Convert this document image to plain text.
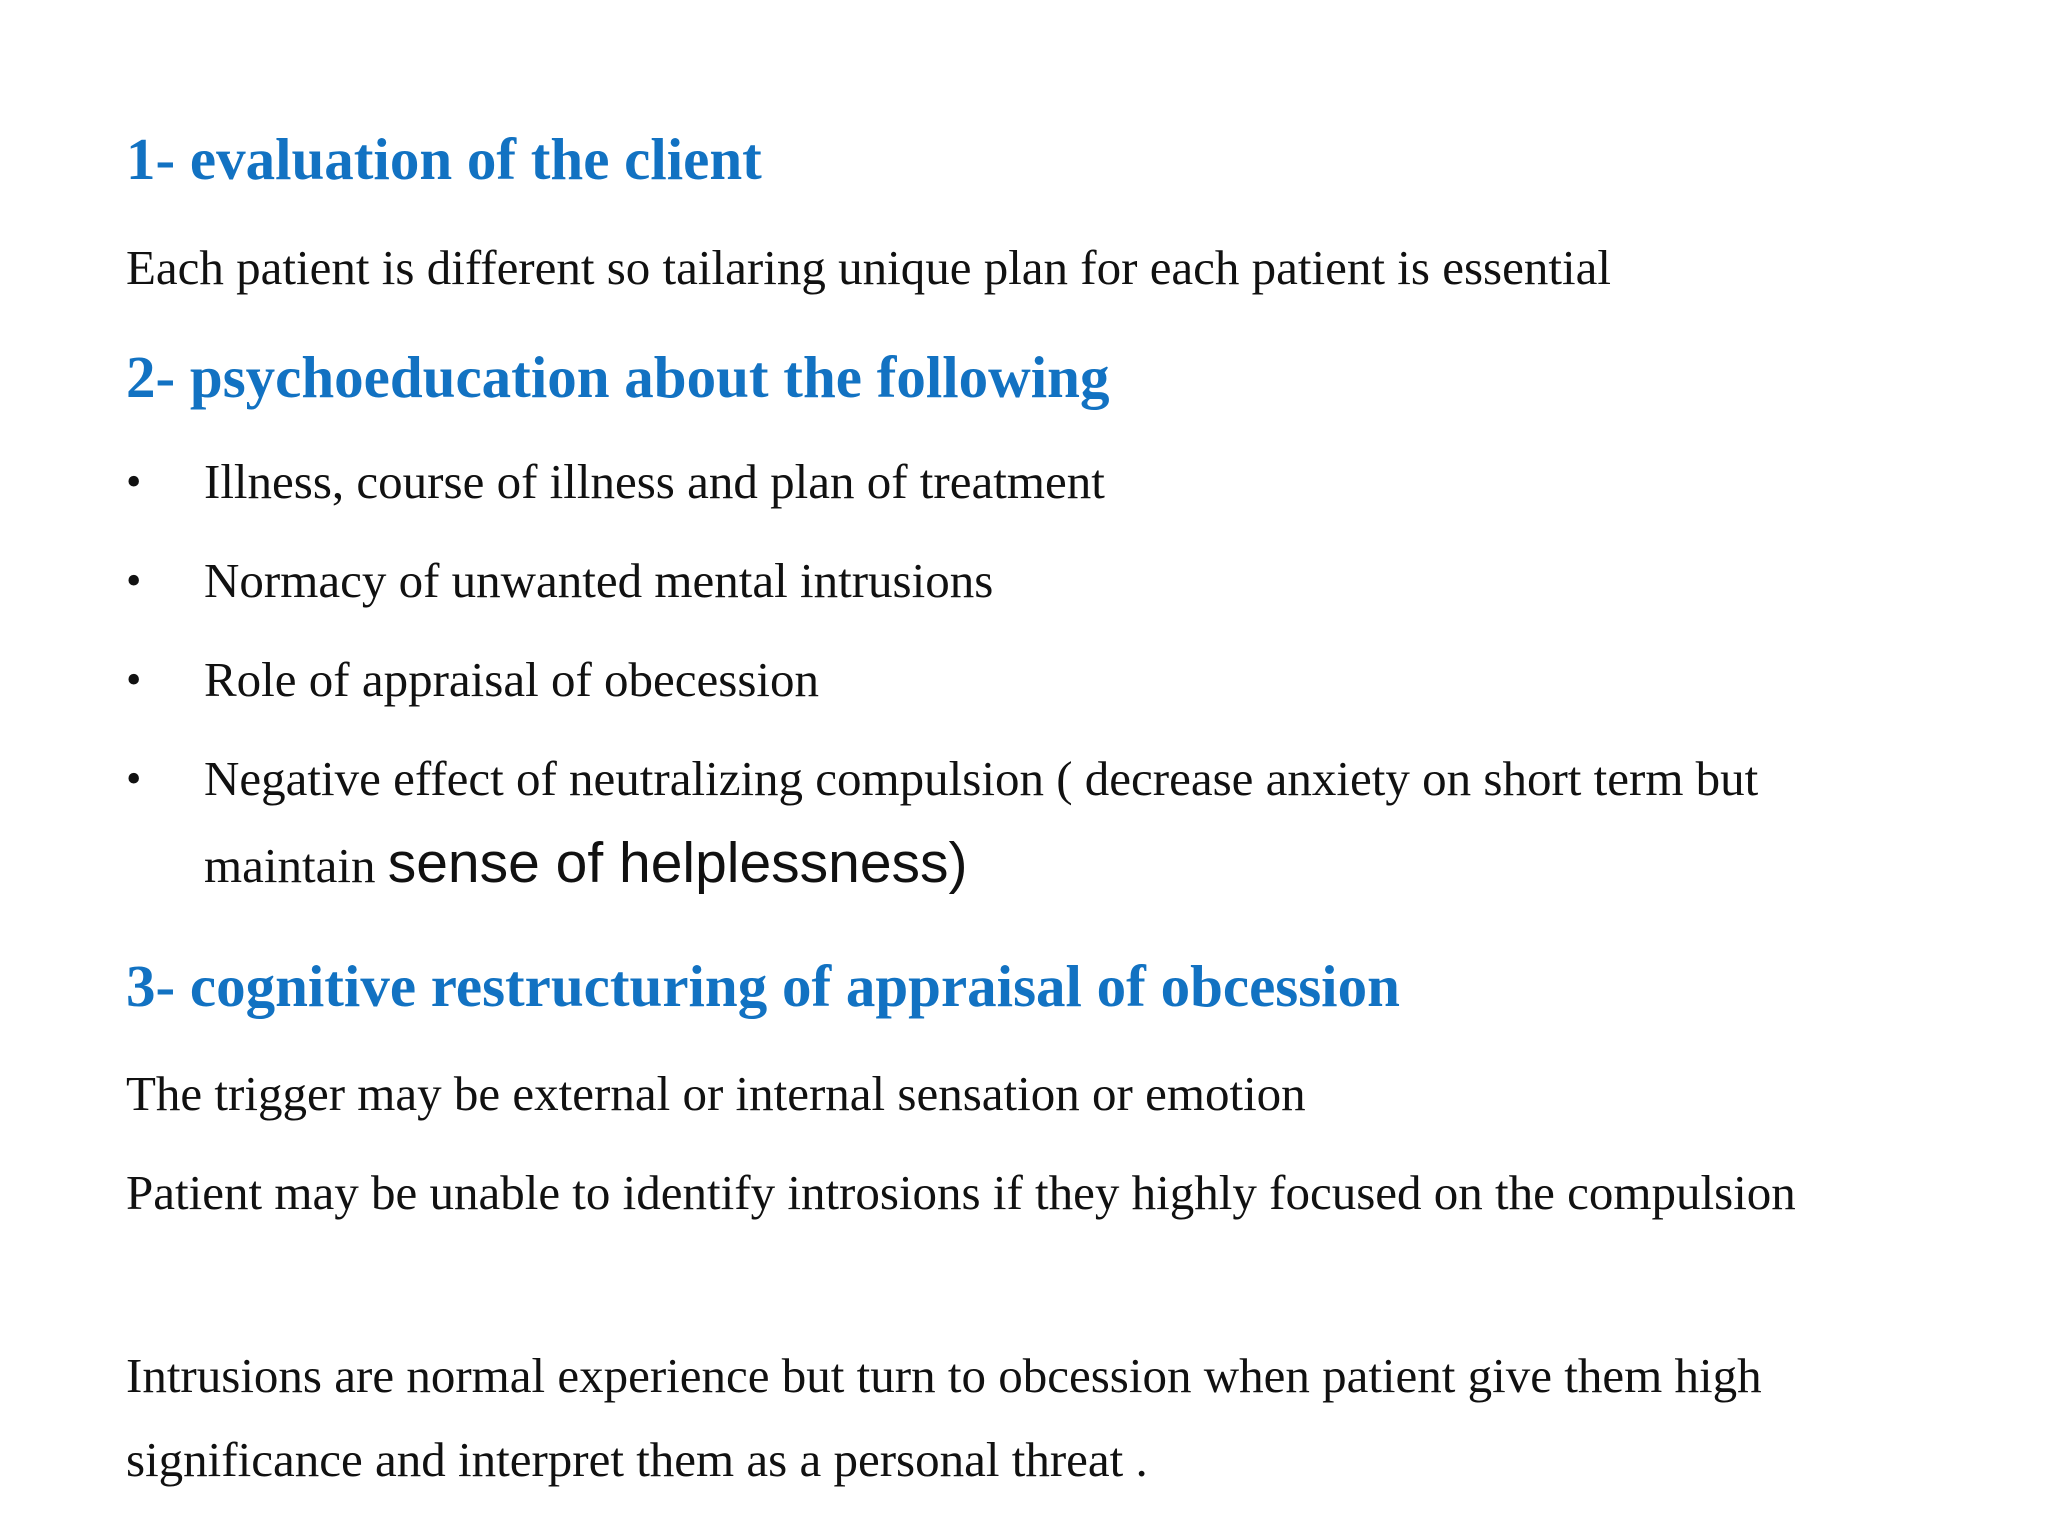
1- evaluation of the client

Each patient is different so tailaring unique plan for each patient is essential

2- psychoeducation about the following
• Illness, course of illness and plan of treatment
• Normacy of unwanted mental intrusions
• Role of appraisal of obecession
• Negative effect of neutralizing compulsion ( decrease anxiety on short term but maintain sense of helplessness)
3- cognitive restructuring of appraisal of obcession

The trigger may be external or internal sensation or emotion

Patient may be unable to identify introsions if they highly focused on the compulsion

Intrusions are normal experience but turn to obcession when patient give them high significance and interpret them as a personal threat .
